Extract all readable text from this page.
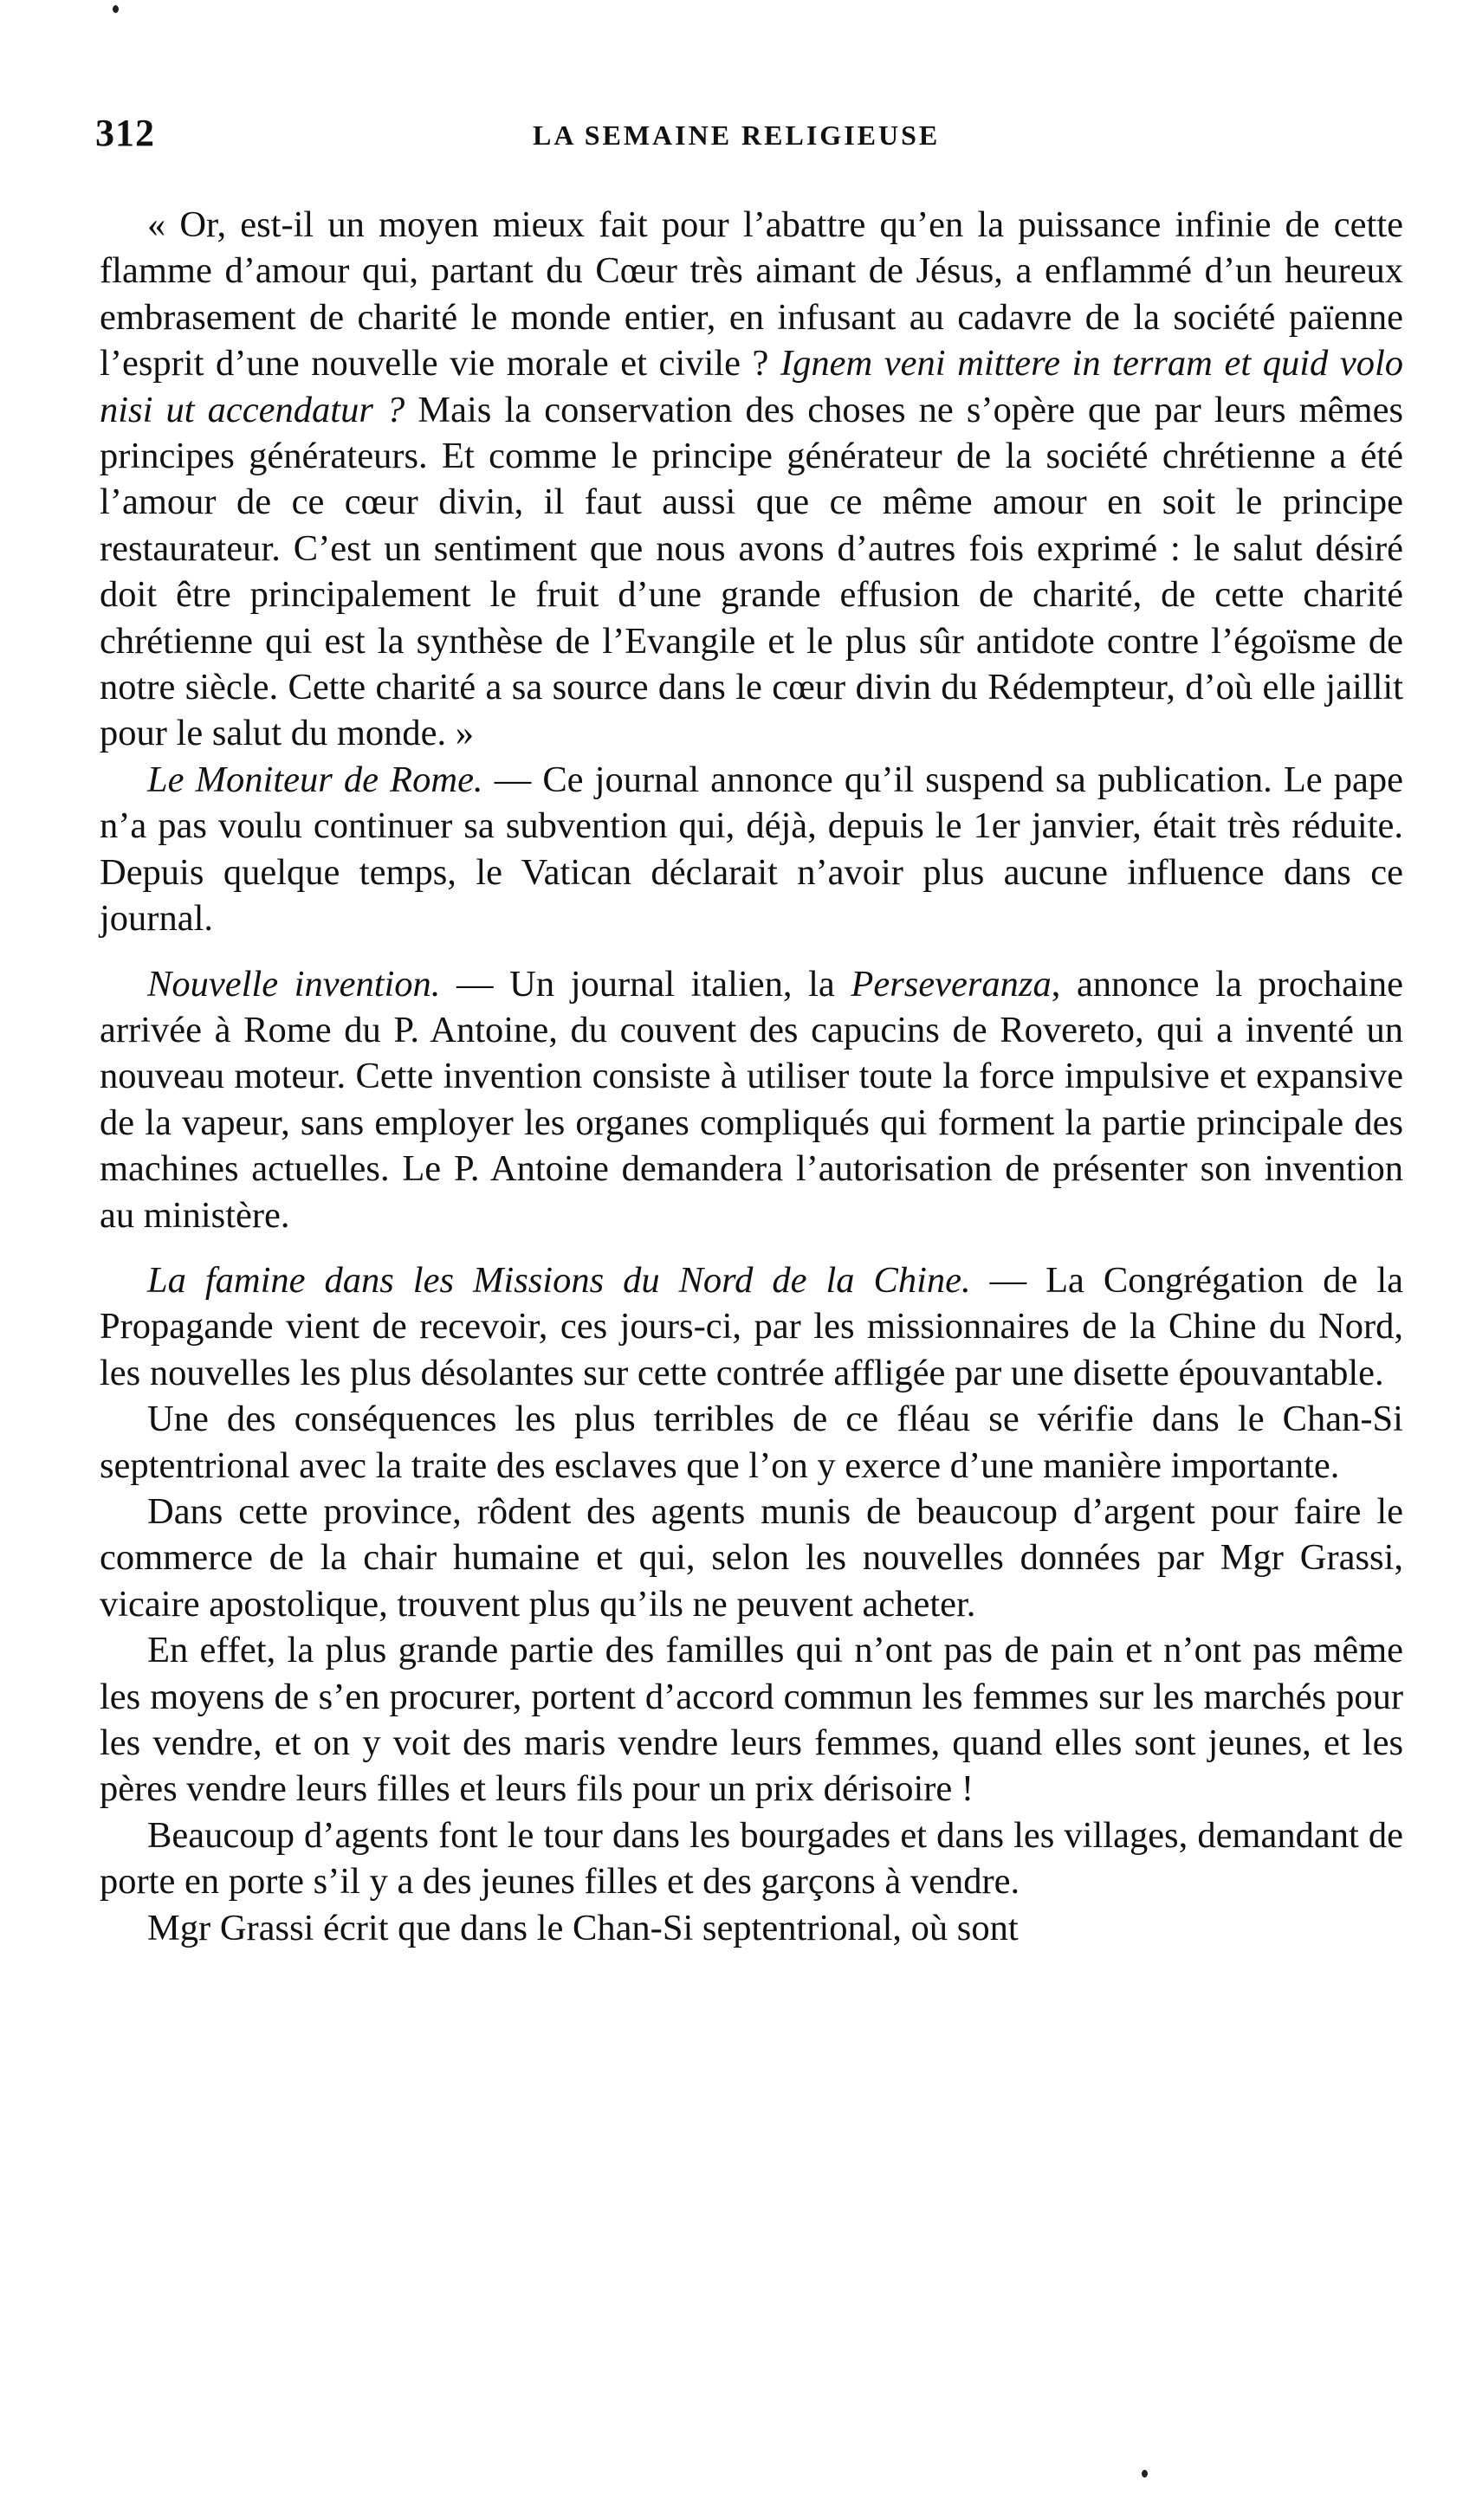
312	LA SEMAINE RELIGIEUSE

« Or, est-il un moyen mieux fait pour l’abattre qu’en la puissance infinie de cette flamme d’amour qui, partant du Cœur très aimant de Jésus, a enflammé d’un heureux embrasement de charité le monde entier, en infusant au cadavre de la société païenne l’esprit d’une nouvelle vie morale et civile ? Ignem veni mittere in terram et quid volo nisi ut accendatur ? Mais la conservation des choses ne s’opère que par leurs mêmes principes générateurs. Et comme le principe générateur de la société chrétienne a été l’amour de ce cœur divin, il faut aussi que ce même amour en soit le principe restaurateur. C’est un sentiment que nous avons d’autres fois exprimé : le salut désiré doit être principalement le fruit d’une grande effusion de charité, de cette charité chrétienne qui est la synthèse de l’Evangile et le plus sûr antidote contre l’égoïsme de notre siècle. Cette charité a sa source dans le cœur divin du Rédempteur, d’où elle jaillit pour le salut du monde. »

Le Moniteur de Rome. — Ce journal annonce qu’il suspend sa publication. Le pape n’a pas voulu continuer sa subvention qui, déjà, depuis le 1er janvier, était très réduite. Depuis quelque temps, le Vatican déclarait n’avoir plus aucune influence dans ce journal.

Nouvelle invention. — Un journal italien, la Perseveranza, annonce la prochaine arrivée à Rome du P. Antoine, du couvent des capucins de Rovereto, qui a inventé un nouveau moteur. Cette invention consiste à utiliser toute la force impulsive et expansive de la vapeur, sans employer les organes compliqués qui forment la partie principale des machines actuelles. Le P. Antoine demandera l’autorisation de présenter son invention au ministère.

La famine dans les Missions du Nord de la Chine. — La Congrégation de la Propagande vient de recevoir, ces jours-ci, par les missionnaires de la Chine du Nord, les nouvelles les plus désolantes sur cette contrée affligée par une disette épouvantable.

Une des conséquences les plus terribles de ce fléau se vérifie dans le Chan-Si septentrional avec la traite des esclaves que l’on y exerce d’une manière importante.

Dans cette province, rôdent des agents munis de beaucoup d’argent pour faire le commerce de la chair humaine et qui, selon les nouvelles données par Mgr Grassi, vicaire apostolique, trouvent plus qu’ils ne peuvent acheter.

En effet, la plus grande partie des familles qui n’ont pas de pain et n’ont pas même les moyens de s’en procurer, portent d’accord commun les femmes sur les marchés pour les vendre, et on y voit des maris vendre leurs femmes, quand elles sont jeunes, et les pères vendre leurs filles et leurs fils pour un prix dérisoire !

Beaucoup d’agents font le tour dans les bourgades et dans les villages, demandant de porte en porte s’il y a des jeunes filles et des garçons à vendre.

Mgr Grassi écrit que dans le Chan-Si septentrional, où sont
